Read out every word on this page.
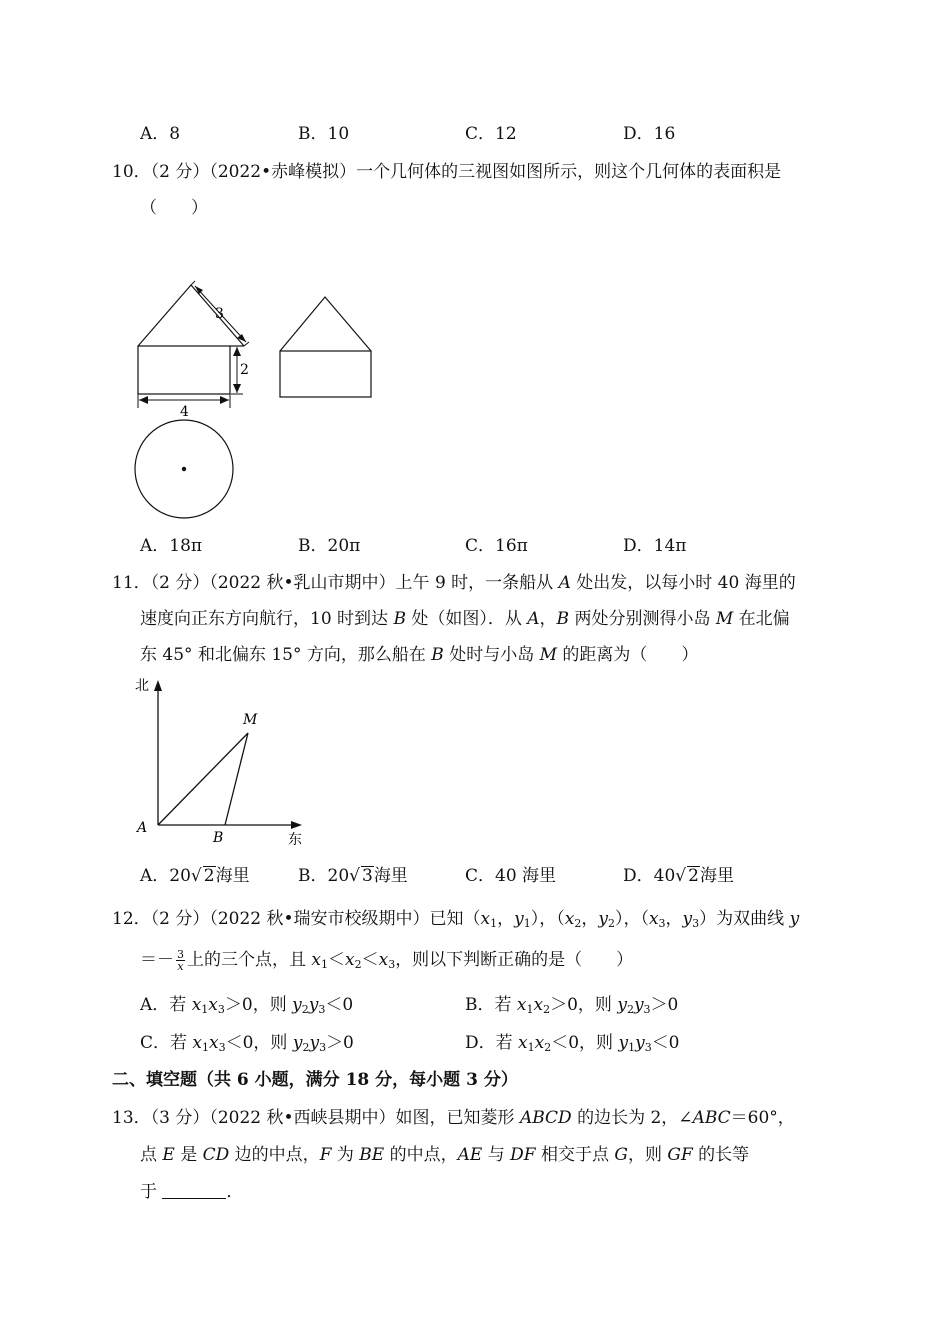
A．8	B．10	C．12	D．16
10．（2 分）（2022•赤峰模拟）一个几何体的三视图如图所示，则这个几何体的表面积是
（　　）
3
2
4
A．18π	B．20π	C．16π	D．14π
11．（2 分）（2022 秋•乳山市期中）上午 9 时，一条船从 A 处出发，以每小时 40 海里的
速度向正东方向航行，10 时到达 B 处（如图）．从 A，B 两处分别测得小岛 M 在北偏
东 45° 和北偏东 15° 方向，那么船在 B 处时与小岛 M 的距离为（　　）
北
东
A
B
M
A．20√ 2海里	B．20√ 3海里	C．40 海里	D．40√ 2海里
12．（2 分）（2022 秋•瑞安市校级期中）已知（$x_1$，$y_1$），（$x_2$，$y_2$），（$x_3$，$y_3$）为双曲线 y
＝－ $\frac{3}{x}$ 上的三个点，且 $x_1<x_2<x_3$，则以下判断正确的是（　　）
A．若 $x_1x_3>0$，则 $y_2y_3<0$	B．若 $x_1x_2>0$，则 $y_2y_3>0$
C．若 $x_1x_3<0$，则 $y_2y_3>0$	D．若 $x_1x_2<0$，则 $y_1y_3<0$
二、填空题（共 6 小题，满分 18 分，每小题 3 分）
13．（3 分）（2022 秋•西峡县期中）如图，已知菱形 ABCD 的边长为 2，∠ABC＝60°，
点 E 是 CD 边的中点，F 为 BE 的中点，AE 与 DF 相交于点 G，则 GF 的长等
于	．
